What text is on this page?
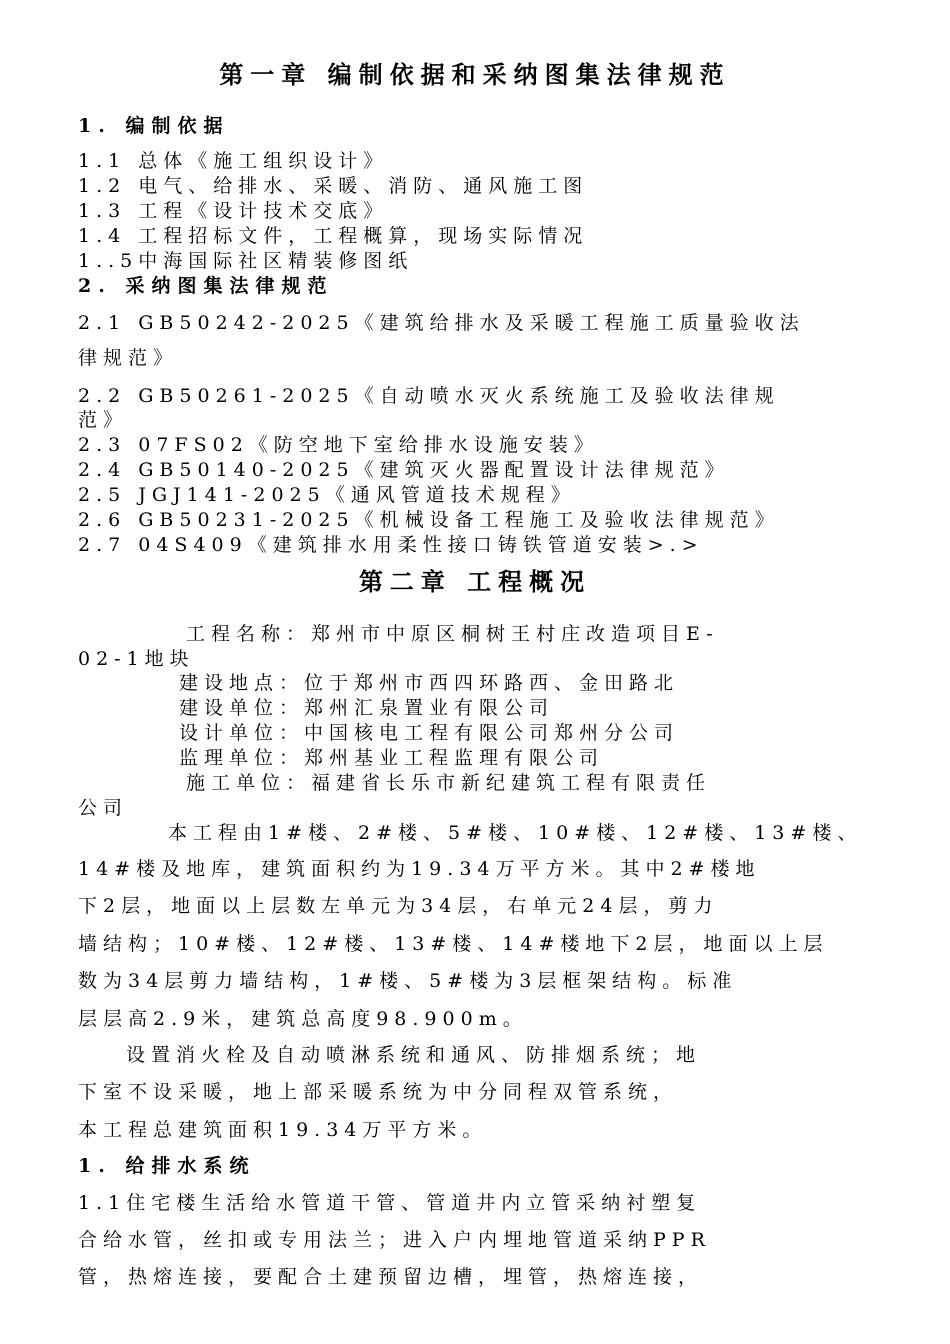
第一章 编制依据和采纳图集法律规范
1. 编制依据
1.1 总体《施工组织设计》
1.2 电气、给排水、采暖、消防、通风施工图
1.3 工程《设计技术交底》
1.4 工程招标文件，工程概算，现场实际情况
1..5中海国际社区精装修图纸
2. 采纳图集法律规范
2.1 GB50242-2025《建筑给排水及采暖工程施工质量验收法
律规范》
2.2 GB50261-2025《自动喷水灭火系统施工及验收法律规
范》
2.3 07FS02《防空地下室给排水设施安装》
2.4 GB50140-2025《建筑灭火器配置设计法律规范》
2.5 JGJ141-2025《通风管道技术规程》
2.6 GB50231-2025《机械设备工程施工及验收法律规范》
2.7 04S409《建筑排水用柔性接口铸铁管道安装>.>
第二章 工程概况
工程名称：郑州市中原区桐树王村庄改造项目E-
02-1地块
建设地点：位于郑州市西四环路西、金田路北
建设单位：郑州汇泉置业有限公司
设计单位：中国核电工程有限公司郑州分公司
监理单位：郑州基业工程监理有限公司
施工单位：福建省长乐市新纪建筑工程有限责任
公司
本工程由1#楼、2#楼、5#楼、10#楼、12#楼、13#楼、
14#楼及地库，建筑面积约为19.34万平方米。其中2#楼地
下2层，地面以上层数左单元为34层，右单元24层，剪力
墙结构；10#楼、12#楼、13#楼、14#楼地下2层，地面以上层
数为34层剪力墙结构，1#楼、5#楼为3层框架结构。标准
层层高2.9米，建筑总高度98.900m。
设置消火栓及自动喷淋系统和通风、防排烟系统；地
下室不设采暖，地上部采暖系统为中分同程双管系统，
本工程总建筑面积19.34万平方米。
1. 给排水系统
1.1住宅楼生活给水管道干管、管道井内立管采纳衬塑复
合给水管，丝扣或专用法兰；进入户内埋地管道采纳PPR
管，热熔连接，要配合土建预留边槽，埋管，热熔连接，
